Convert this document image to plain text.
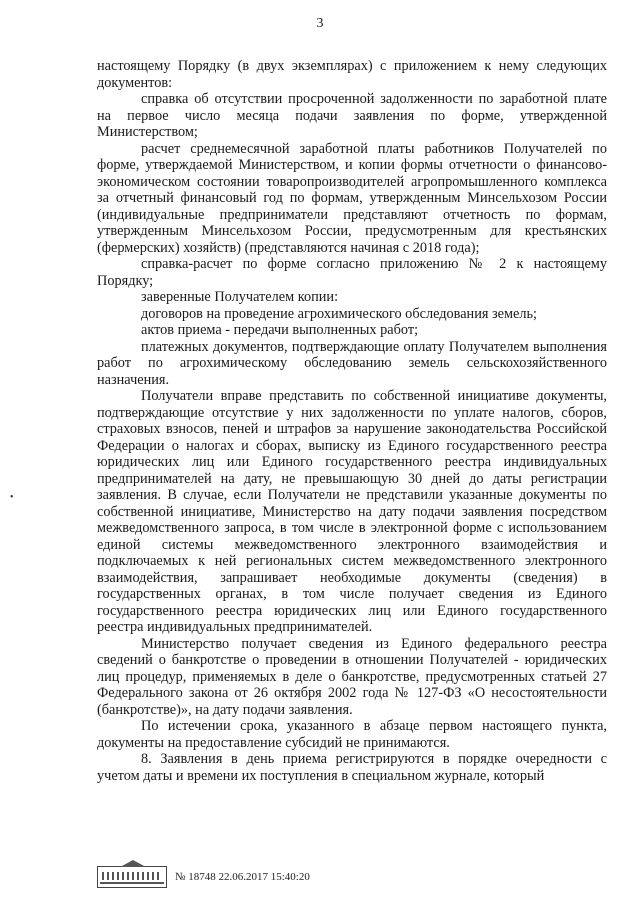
3
•

настоящему Порядку (в двух экземплярах) с приложением к нему следующих документов:

справка об отсутствии просроченной задолженности по заработной плате на первое число месяца подачи заявления по форме, утвержденной Министерством;

расчет среднемесячной заработной платы работников Получателей по форме, утверждаемой Министерством, и копии формы отчетности о финансово-экономическом состоянии товаропроизводителей агропромышленного комплекса за отчетный финансовый год по формам, утвержденным Минсельхозом России (индивидуальные предприниматели представляют отчетность по формам, утвержденным Минсельхозом России, предусмотренным для крестьянских (фермерских) хозяйств) (представляются начиная с 2018 года);

справка-расчет по форме согласно приложению № 2 к настоящему Порядку;

заверенные Получателем копии:

договоров на проведение агрохимического обследования земель;

актов приема - передачи выполненных работ;

платежных документов, подтверждающие оплату Получателем выполнения работ по агрохимическому обследованию земель сельскохозяйственного назначения.

Получатели вправе представить по собственной инициативе документы, подтверждающие отсутствие у них задолженности по уплате налогов, сборов, страховых взносов, пеней и штрафов за нарушение законодательства Российской Федерации о налогах и сборах, выписку из Единого государственного реестра юридических лиц или Единого государственного реестра индивидуальных предпринимателей на дату, не превышающую 30 дней до даты регистрации заявления. В случае, если Получатели не представили указанные документы по собственной инициативе, Министерство на дату подачи заявления посредством межведомственного запроса, в том числе в электронной форме с использованием единой системы межведомственного электронного взаимодействия и подключаемых к ней региональных систем межведомственного электронного взаимодействия, запрашивает необходимые документы (сведения) в государственных органах, в том числе получает сведения из Единого государственного реестра юридических лиц или Единого государственного реестра индивидуальных предпринимателей.

Министерство получает сведения из Единого федерального реестра сведений о банкротстве о проведении в отношении Получателей - юридических лиц процедур, применяемых в деле о банкротстве, предусмотренных статьей 27 Федерального закона от 26 октября 2002 года № 127-ФЗ «О несостоятельности (банкротстве)», на дату подачи заявления.

По истечении срока, указанного в абзаце первом настоящего пункта, документы на предоставление субсидий не принимаются.

8. Заявления в день приема регистрируются в порядке очередности с учетом даты и времени их поступления в специальном журнале, который

№ 18748 22.06.2017 15:40:20
